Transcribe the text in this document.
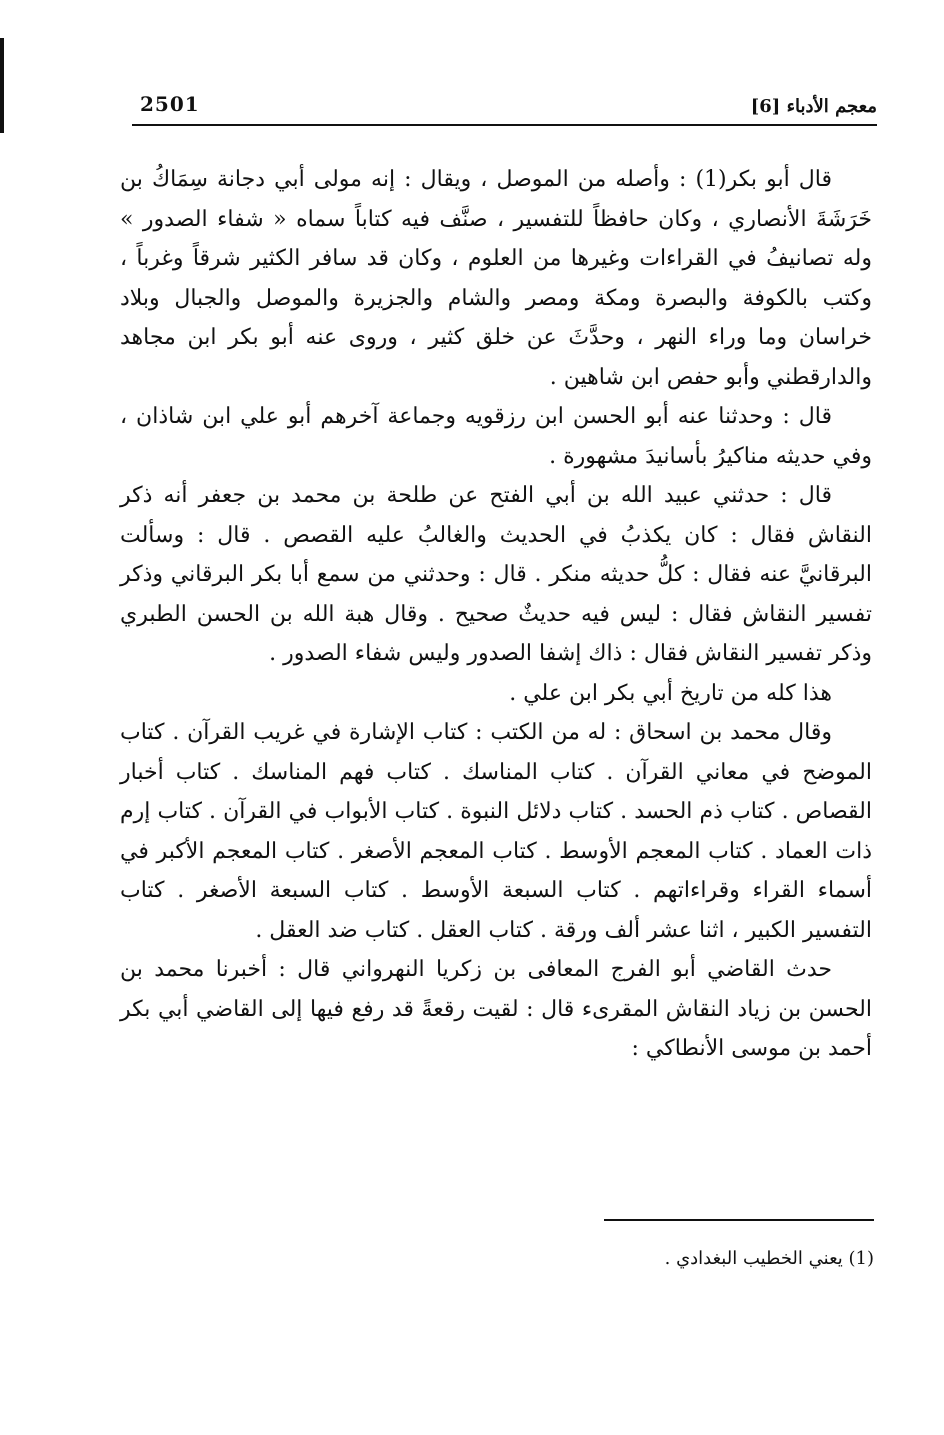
2501	معجم الأدباء [6]

قال أبو بكر(1) : وأصله من الموصل ، ويقال : إنه مولى أبي دجانة سِمَاكُ بن خَرَشَةَ الأنصاري ، وكان حافظاً للتفسير ، صنَّف فيه كتاباً سماه « شفاء الصدور » وله تصانيفُ في القراءات وغيرها من العلوم ، وكان قد سافر الكثير شرقاً وغرباً ، وكتب بالكوفة والبصرة ومكة ومصر والشام والجزيرة والموصل والجبال وبلاد خراسان وما وراء النهر ، وحدَّثَ عن خلق كثير ، وروى عنه أبو بكر ابن مجاهد والدارقطني وأبو حفص ابن شاهين .

قال : وحدثنا عنه أبو الحسن ابن رزقويه وجماعة آخرهم أبو علي ابن شاذان ، وفي حديثه مناكيرُ بأسانيدَ مشهورة .

قال : حدثني عبيد الله بن أبي الفتح عن طلحة بن محمد بن جعفر أنه ذكر النقاش فقال : كان يكذبُ في الحديث والغالبُ عليه القصص . قال : وسألت البرقانيَّ عنه فقال : كلُّ حديثه منكر . قال : وحدثني من سمع أبا بكر البرقاني وذكر تفسير النقاش فقال : ليس فيه حديثٌ صحيح . وقال هبة الله بن الحسن الطبري وذكر تفسير النقاش فقال : ذاك إشفا الصدور وليس شفاء الصدور .

هذا كله من تاريخ أبي بكر ابن علي .

وقال محمد بن اسحاق : له من الكتب : كتاب الإشارة في غريب القرآن . كتاب الموضح في معاني القرآن . كتاب المناسك . كتاب فهم المناسك . كتاب أخبار القصاص . كتاب ذم الحسد . كتاب دلائل النبوة . كتاب الأبواب في القرآن . كتاب إرم ذات العماد . كتاب المعجم الأوسط . كتاب المعجم الأصغر . كتاب المعجم الأكبر في أسماء القراء وقراءاتهم . كتاب السبعة الأوسط . كتاب السبعة الأصغر . كتاب التفسير الكبير ، اثنا عشر ألف ورقة . كتاب العقل . كتاب ضد العقل .

حدث القاضي أبو الفرج المعافى بن زكريا النهرواني قال : أخبرنا محمد بن الحسن بن زياد النقاش المقرىء قال : لقيت رقعةً قد رفع فيها إلى القاضي أبي بكر أحمد بن موسى الأنطاكي :

(1) يعني الخطيب البغدادي .
